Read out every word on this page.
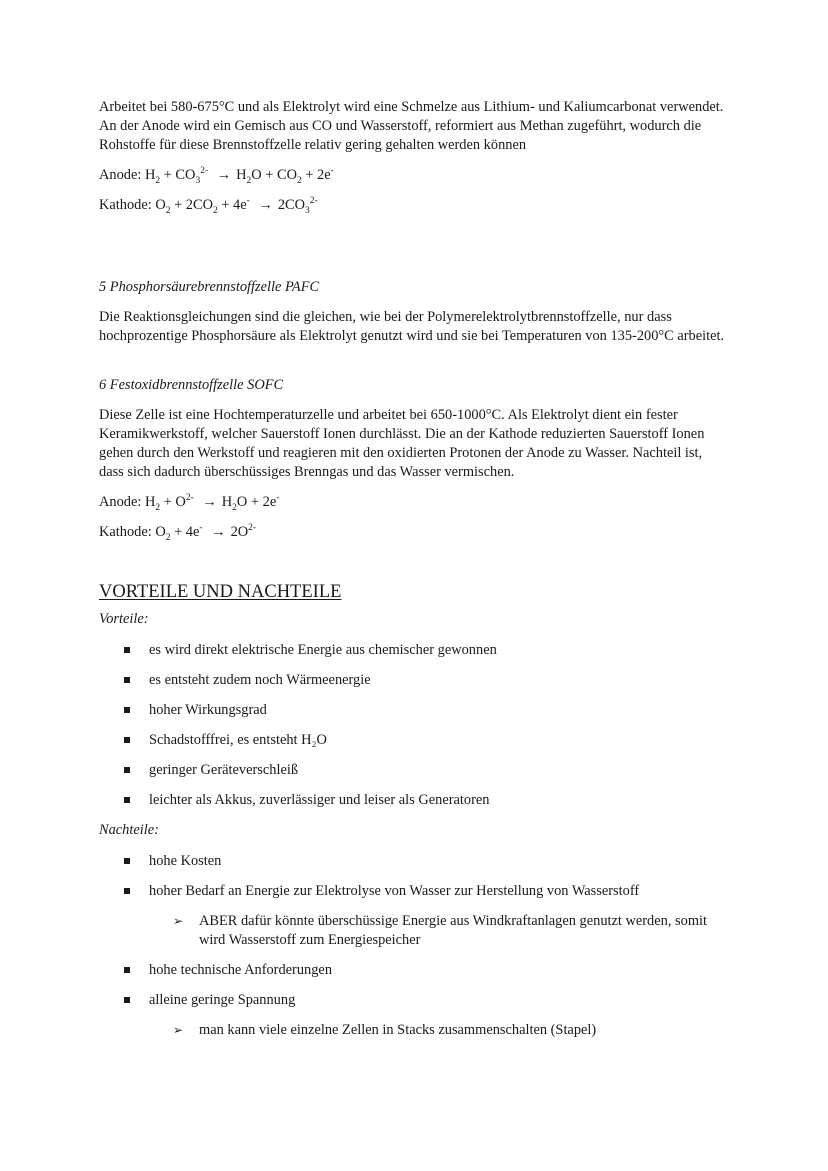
Arbeitet bei 580-675°C und als Elektrolyt wird eine Schmelze aus Lithium- und Kaliumcarbonat verwendet. An der Anode wird ein Gemisch aus CO und Wasserstoff, reformiert aus Methan zugeführt, wodurch die Rohstoffe für diese Brennstoffzelle relativ gering gehalten werden können

Anode: $H_2 + CO_3^{2-} \to H_2O + CO_2 + 2e^-$

Kathode: $O_2 + 2CO_2 + 4e^- \to 2CO_3^{2-}$

5 Phosphorsäurebrennstoffzelle PAFC

Die Reaktionsgleichungen sind die gleichen, wie bei der Polymerelektrolytbrennstoffzelle, nur dass hochprozentige Phosphorsäure als Elektrolyt genutzt wird und sie bei Temperaturen von 135-200°C arbeitet.

6 Festoxidbrennstoffzelle SOFC

Diese Zelle ist eine Hochtemperaturzelle und arbeitet bei 650-1000°C. Als Elektrolyt dient ein fester Keramikwerkstoff, welcher Sauerstoff Ionen durchlässt. Die an der Kathode reduzierten Sauerstoff Ionen gehen durch den Werkstoff und reagieren mit den oxidierten Protonen der Anode zu Wasser. Nachteil ist, dass sich dadurch überschüssiges Brenngas und das Wasser vermischen.

Anode: $H_2 + O^{2-} \to H_2O + 2e^-$

Kathode: $O_2 + 4e^- \to 2O^{2-}$

VORTEILE UND NACHTEILE

Vorteile:

es wird direkt elektrische Energie aus chemischer gewonnen
es entsteht zudem noch Wärmeenergie
hoher Wirkungsgrad
Schadstofffrei, es entsteht H₂O
geringer Geräteverschleiß
leichter als Akkus, zuverlässiger und leiser als Generatoren

Nachteile:

hohe Kosten
hoher Bedarf an Energie zur Elektrolyse von Wasser zur Herstellung von Wasserstoff
➢ ABER dafür könnte überschüssige Energie aus Windkraftanlagen genutzt werden, somit wird Wasserstoff zum Energiespeicher
hohe technische Anforderungen
alleine geringe Spannung
➢ man kann viele einzelne Zellen in Stacks zusammenschalten (Stapel)
